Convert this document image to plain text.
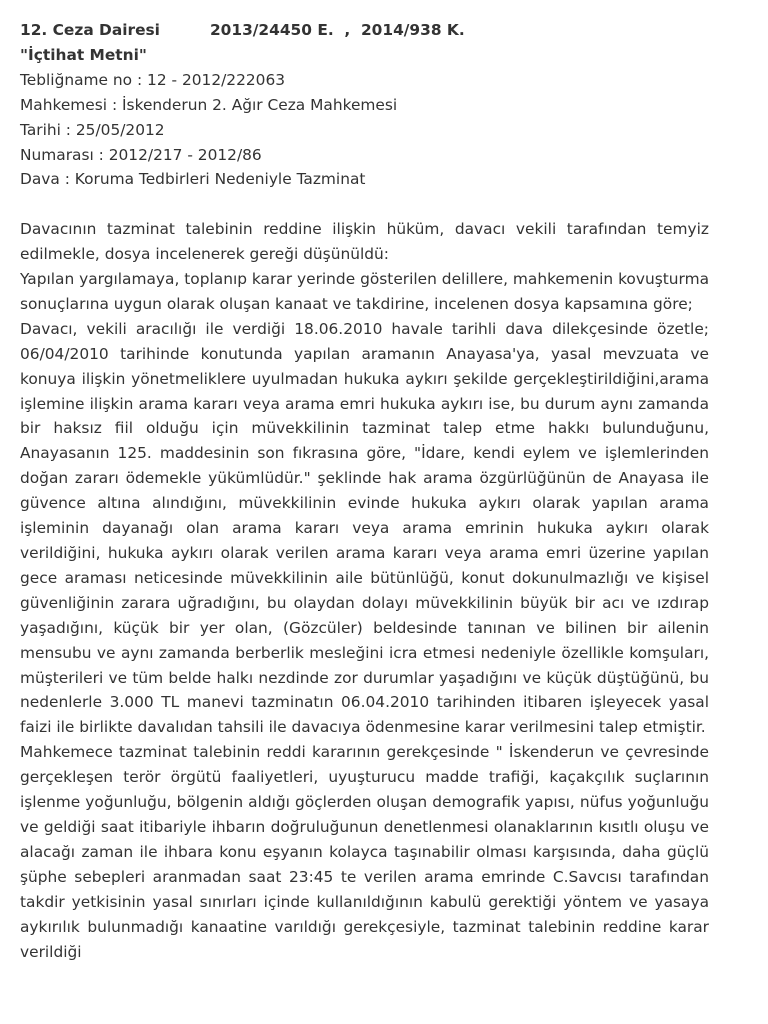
12. Ceza Dairesi	2013/24450 E.  ,  2014/938 K.
"İçtihat Metni"
Tebliğname no : 12 - 2012/222063
Mahkemesi : İskenderun 2. Ağır Ceza Mahkemesi
Tarihi : 25/05/2012
Numarası : 2012/217 - 2012/86
Dava : Koruma Tedbirleri Nedeniyle Tazminat

Davacının tazminat talebinin reddine ilişkin hüküm, davacı vekili tarafından temyiz edilmekle, dosya incelenerek gereği düşünüldü:

Yapılan yargılamaya, toplanıp karar yerinde gösterilen delillere, mahkemenin kovuşturma sonuçlarına uygun olarak oluşan kanaat ve takdirine, incelenen dosya kapsamına göre;

Davacı, vekili aracılığı ile verdiği 18.06.2010 havale tarihli dava dilekçesinde özetle; 06/04/2010 tarihinde konutunda yapılan aramanın Anayasa'ya, yasal mevzuata ve konuya ilişkin yönetmeliklere uyulmadan hukuka aykırı şekilde gerçekleştirildiğini,arama işlemine ilişkin arama kararı veya arama emri hukuka aykırı ise, bu durum aynı zamanda bir haksız fiil olduğu için müvekkilinin tazminat talep etme hakkı bulunduğunu, Anayasanın 125. maddesinin son fıkrasına göre, "İdare, kendi eylem ve işlemlerinden doğan zararı ödemekle yükümlüdür." şeklinde hak arama özgürlüğünün de Anayasa ile güvence altına alındığını, müvekkilinin evinde hukuka aykırı olarak yapılan arama işleminin dayanağı olan arama kararı veya arama emrinin hukuka aykırı olarak verildiğini, hukuka aykırı olarak verilen arama kararı veya arama emri üzerine yapılan gece araması neticesinde müvekkilinin aile bütünlüğü, konut dokunulmazlığı ve kişisel güvenliğinin zarara uğradığını, bu olaydan dolayı müvekkilinin büyük bir acı ve ızdırap yaşadığını, küçük bir yer olan, (Gözcüler) beldesinde tanınan ve bilinen bir ailenin mensubu ve aynı zamanda berberlik mesleğini icra etmesi nedeniyle özellikle komşuları, müşterileri ve tüm belde halkı nezdinde zor durumlar yaşadığını ve küçük düştüğünü, bu nedenlerle 3.000 TL manevi tazminatın 06.04.2010 tarihinden itibaren işleyecek yasal faizi ile birlikte davalıdan tahsili ile davacıya ödenmesine karar verilmesini talep etmiştir.

Mahkemece tazminat talebinin reddi kararının gerekçesinde " İskenderun ve çevresinde gerçekleşen terör örgütü faaliyetleri, uyuşturucu madde trafiği, kaçakçılık suçlarının işlenme yoğunluğu, bölgenin aldığı göçlerden oluşan demografik yapısı, nüfus yoğunluğu ve geldiği saat itibariyle ihbarın doğruluğunun denetlenmesi olanaklarının kısıtlı oluşu ve alacağı zaman ile ihbara konu eşyanın kolayca taşınabilir olması karşısında, daha güçlü şüphe sebepleri aranmadan saat 23:45 te verilen arama emrinde C.Savcısı tarafından takdir yetkisinin yasal sınırları içinde kullanıldığının kabulü gerektiği yöntem ve yasaya aykırılık bulunmadığı kanaatine varıldığı gerekçesiyle, tazminat talebinin reddine karar verildiği
